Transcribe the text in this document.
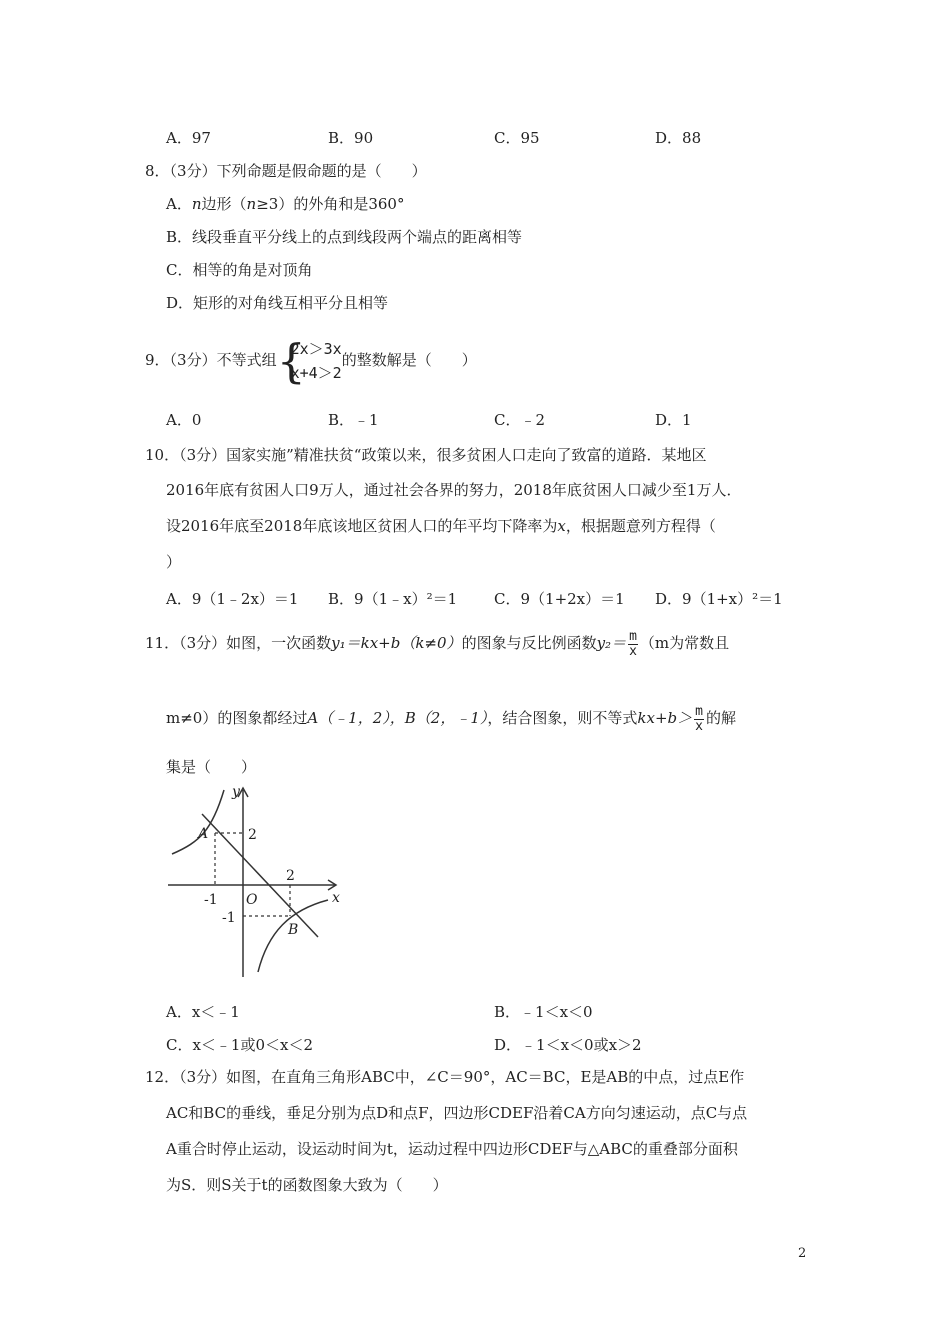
A．97	B．90	C．95	D．88
8．（3分）下列命题是假命题的是（　　）
A．n边形（n≥3）的外角和是360°
B．线段垂直平分线上的点到线段两个端点的距离相等
C．相等的角是对顶角
D．矩形的对角线互相平分且相等
9．（3分）不等式组 {
2x＞3x
x+4＞2
的整数解是（　　）
A．0	B．﹣1	C．﹣2	D．1
10．（3分）国家实施”精准扶贫“政策以来，很多贫困人口走向了致富的道路．某地区
2016年底有贫困人口9万人，通过社会各界的努力，2018年底贫困人口减少至1万人．
设2016年底至2018年底该地区贫困人口的年平均下降率为x，根据题意列方程得（
）
A．9（1﹣2x）＝1 B．9（1﹣x）²＝1 C．9（1+2x）＝1 D．9（1+x）²＝1
11．（3分）如图，一次函数y₁＝kx+b（k≠0）的图象与反比例函数$y_2= \frac{m}{x} (m$为常数且
m≠0）的图象都经过A（﹣1，2），B（2，﹣1），结合图象，则不等式$kx+b> \frac{m}{x}$ 的解
集是（　　）
y
x
O
A
B
2
-1
2
-1
A．x＜﹣1	B．﹣1＜x＜0
C．x＜﹣1或0＜x＜2	D．﹣1＜x＜0或x＞2
12．（3分）如图，在直角三角形ABC中，∠C＝90°，AC＝BC，E是AB的中点，过点E作
AC和BC的垂线，垂足分别为点D和点F，四边形CDEF沿着CA方向匀速运动，点C与点
A重合时停止运动，设运动时间为t，运动过程中四边形CDEF与△ABC的重叠部分面积
为S．则S关于t的函数图象大致为（　　）
2
